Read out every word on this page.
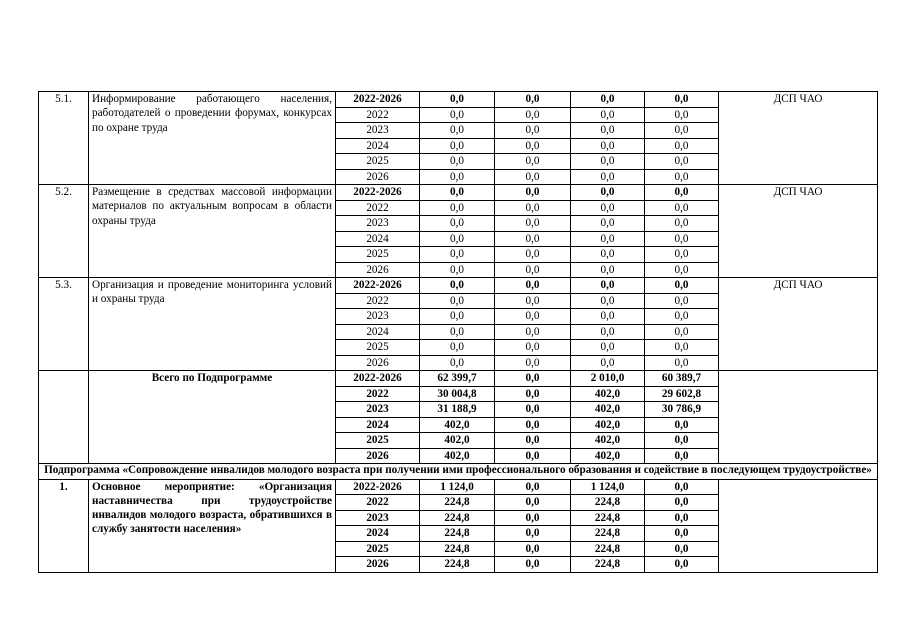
5.1.	Информирование работающего населения, работодателей о проведении форумах, конкурсах по охране труда	2022-2026	0,0	0,0	0,0	0,0	ДСП ЧАО
		2022	0,0	0,0	0,0	0,0	
		2023	0,0	0,0	0,0	0,0	
		2024	0,0	0,0	0,0	0,0	
		2025	0,0	0,0	0,0	0,0	
		2026	0,0	0,0	0,0	0,0	
5.2.	Размещение в средствах массовой информации материалов по актуальным вопросам в области охраны труда	2022-2026	0,0	0,0	0,0	0,0	ДСП ЧАО
		2022	0,0	0,0	0,0	0,0	
		2023	0,0	0,0	0,0	0,0	
		2024	0,0	0,0	0,0	0,0	
		2025	0,0	0,0	0,0	0,0	
		2026	0,0	0,0	0,0	0,0	
5.3.	Организация и проведение мониторинга условий и охраны труда	2022-2026	0,0	0,0	0,0	0,0	ДСП ЧАО
		2022	0,0	0,0	0,0	0,0	
		2023	0,0	0,0	0,0	0,0	
		2024	0,0	0,0	0,0	0,0	
		2025	0,0	0,0	0,0	0,0	
		2026	0,0	0,0	0,0	0,0	
	Всего по Подпрограмме	2022-2026	62 399,7	0,0	2 010,0	60 389,7	
		2022	30 004,8	0,0	402,0	29 602,8	
		2023	31 188,9	0,0	402,0	30 786,9	
		2024	402,0	0,0	402,0	0,0	
		2025	402,0	0,0	402,0	0,0	
		2026	402,0	0,0	402,0	0,0	
Подпрограмма «Сопровождение инвалидов молодого возраста при получении ими профессионального образования и содействие в последующем трудоустройстве»							
1.	Основное мероприятие: «Организация наставничества при трудоустройстве инвалидов молодого возраста, обратившихся в службу занятости населения»	2022-2026	1 124,0	0,0	1 124,0	0,0	
		2022	224,8	0,0	224,8	0,0	
		2023	224,8	0,0	224,8	0,0	
		2024	224,8	0,0	224,8	0,0	
		2025	224,8	0,0	224,8	0,0	
		2026	224,8	0,0	224,8	0,0	
